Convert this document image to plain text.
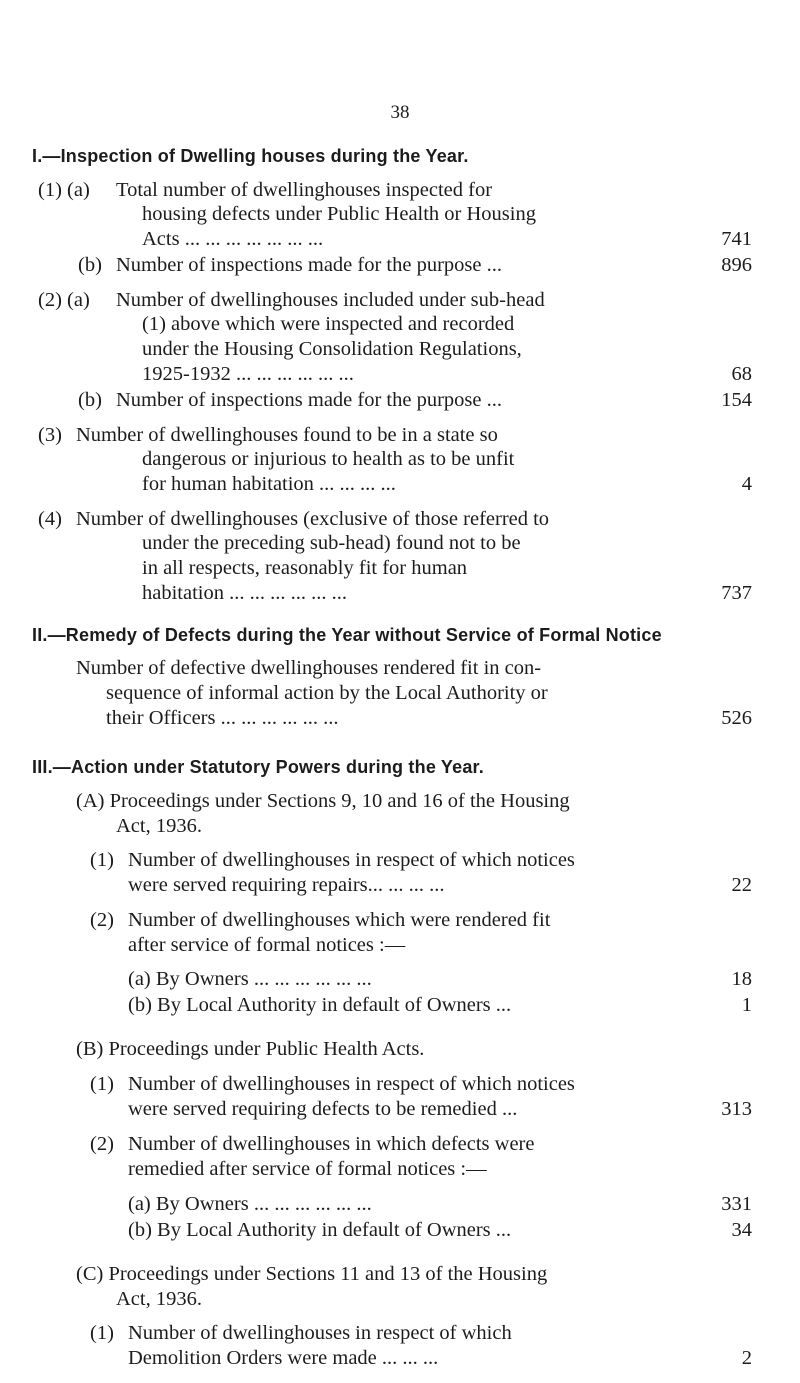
38
I.—Inspection of Dwelling houses during the Year.
(1) (a) Total number of dwellinghouses inspected for
housing defects under Public Health or Housing
Acts ... ... ... ... ... ... ...	741
(b) Number of inspections made for the purpose ...	896
(2) (a) Number of dwellinghouses included under sub-head
(1) above which were inspected and recorded
under the Housing Consolidation Regulations,
1925-1932 ... ... ... ... ... ...	68
(b) Number of inspections made for the purpose ...	154
(3) Number of dwellinghouses found to be in a state so
dangerous or injurious to health as to be unfit
for human habitation ... ... ... ...	4
(4) Number of dwellinghouses (exclusive of those referred to
under the preceding sub-head) found not to be
in all respects, reasonably fit for human
habitation ... ... ... ... ... ...	737
II.—Remedy of Defects during the Year without Service of Formal Notice
Number of defective dwellinghouses rendered fit in con-
sequence of informal action by the Local Authority or
their Officers ... ... ... ... ... ...	526
III.—Action under Statutory Powers during the Year.
(A) Proceedings under Sections 9, 10 and 16 of the Housing
Act, 1936.
(1) Number of dwellinghouses in respect of which notices
were served requiring repairs... ... ... ...	22
(2) Number of dwellinghouses which were rendered fit
after service of formal notices :—
(a) By Owners ... ... ... ... ... ...	18
(b) By Local Authority in default of Owners ...	1
(B) Proceedings under Public Health Acts.
(1) Number of dwellinghouses in respect of which notices
were served requiring defects to be remedied ...	313
(2) Number of dwellinghouses in which defects were
remedied after service of formal notices :—
(a) By Owners ... ... ... ... ... ...	331
(b) By Local Authority in default of Owners ...	34
(C) Proceedings under Sections 11 and 13 of the Housing
Act, 1936.
(1) Number of dwellinghouses in respect of which
Demolition Orders were made ... ... ...	2
